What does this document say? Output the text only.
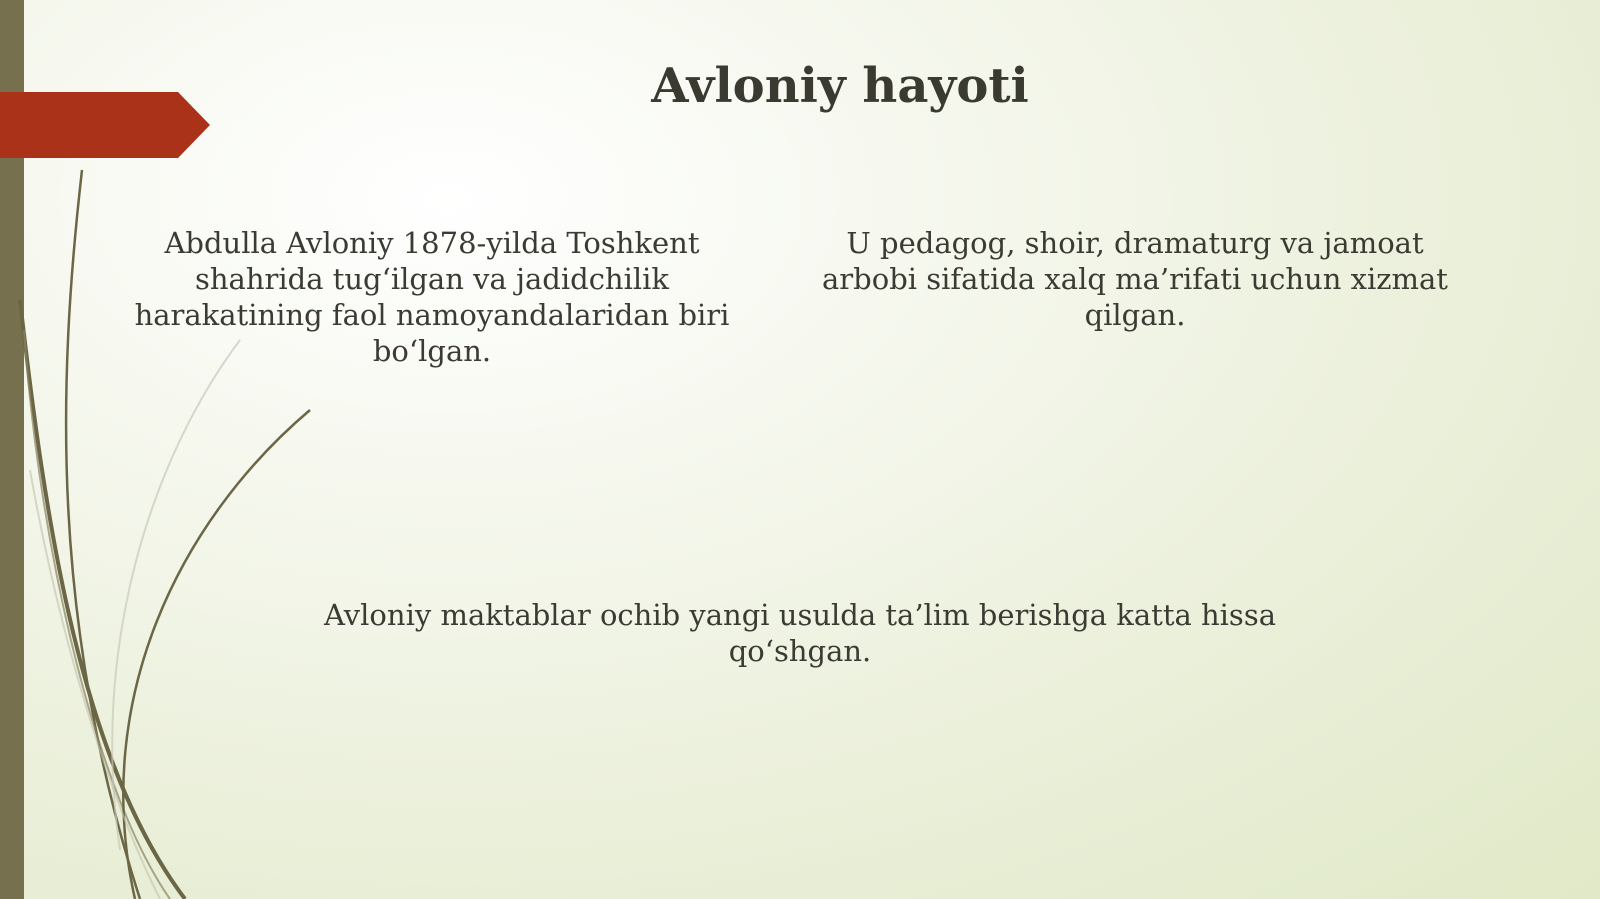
Avloniy hayoti

Abdulla Avloniy 1878-yilda Toshkent shahrida tug‘ilgan va jadidchilik harakatining faol namoyandalaridan biri bo‘lgan.

U pedagog, shoir, dramaturg va jamoat arbobi sifatida xalq ma’rifati uchun xizmat qilgan.

Avloniy maktablar ochib yangi usulda ta’lim berishga katta hissa qo‘shgan.
